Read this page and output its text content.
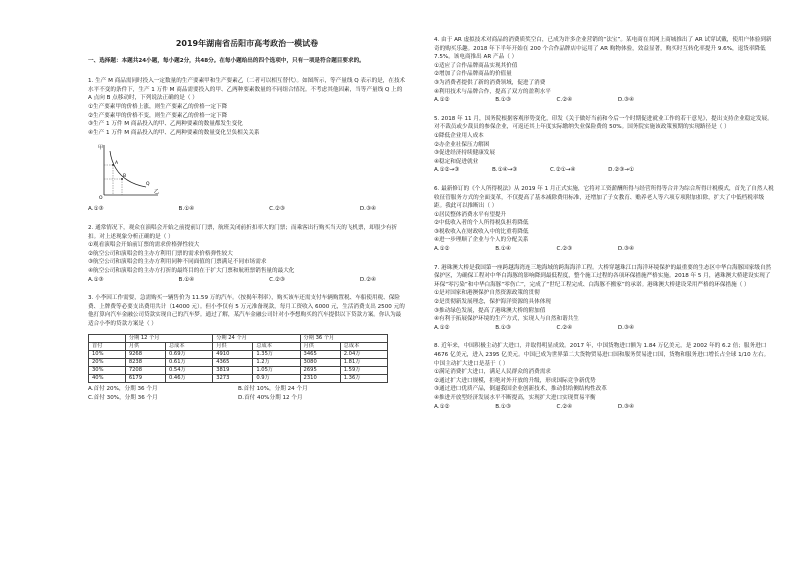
2019年湖南省岳阳市高考政治一模试卷
一、选择题：本题共24小题，每小题2分，共48分。在每小题给出的四个选项中，只有一项是符合题目要求的。
1. 生产 M 商品需同时投入一定数量的生产要素甲和生产要素乙（二者可以相互替代）。如图所示，等产量线 Q 表示的是，在技术水平不变的条件下，生产 1 万件 M 商品需要投入的甲、乙两种要素数量的不同组合情况。不考虑其他因素，当等产量线 Q 上的 A 点向 B 点移动时，下列说法正确的是（ ）
①生产要素甲的价格上涨，则生产要素乙的价格一定下降
②生产要素甲的价格不变，则生产要素乙的价格一定下降
③生产 1 万件 M 商品投入的甲、乙两种要素的数量都发生变化
④生产 1 万件 M 商品投入的甲、乙两种要素的数量变化呈负相关关系
甲
乙
A
B
Q
O
A.①③	B.①④	C.②③	D.③④
2. 通常情况下，观众在演唱会开始之前提前订门票，航班关闭前折扣率大的门票；而乘客出行购买当天的飞机票，却很少有折扣。对上述现象分析正确的是（ ）
①观看演唱会开始前订票的需求价格弹性较大
②航空公司和演唱会的主办方利用门票的需求价格弹性较大
③航空公司和演唱会的主办方利用同种不同面值的门票满足不同市场需求
④航空公司和演唱会的主办方打折的最终目的在于扩大门票和航班票销售量的最大化
A.①③	B.①④	C.②③	D.②④
3. 小李因工作需要，急需购买一辆售价为 11.59 万的汽车。（按揭年利率），购买该车还需支付车辆购置税、车船使用税、保险费、上牌费等必要支出费用共计（14000 元）。但小李仅有 5 万元准备现款，每月工资收入 6000 元，生活消费支出 2500 元的他打算向汽车金融公司贷款实现自己的汽车梦。通过了解，某汽车金融公司针对小李想购买的汽车提供以下贷款方案。你认为最适合小李的贷款方案是（ ）
	分期 12 个月		分期 24 个月		分期 36 个月	
首付	月供	总成本	月供	总成本	月供	总成本
10%	9268	0.69万	4910	1.35万	3465	2.04万
20%	8238	0.61万	4365	1.2万	3080	1.81万
30%	7208	0.54万	3819	1.05万	2695	1.59万
40%	6179	0.46万	3273	0.9万	2310	1.36万
A.首付 20%，分期 36 个月	B.首付 10%，分期 24 个月
C.首付 30%，分期 36 个月	D.首付 40%分期 12 个月
4. 由于 AR 虚拟技术对商品的消费质奖空白，已成为许多企业营销的“法宝”。某电商在其网上商城推出了 AR 试穿试戴，使用户体验到新奇的购买乐趣。2018 年下半年开始在 200 个合作品牌店中运用了 AR 购物体验，效益显著，购买时互转化率提升 9.6%，退货率降低 7.5%。该电商推出 AR 产品（ ）
①适应了合作品牌商品实现其价值
②增加了合作品牌商品的价值量
③为消费者提供了新的消费领域，促进了消费
④利用技术与品牌合作，提高了双方的盈利水平
A.①②	B.①③	C.②④	D.③④
5. 2018 年 11 月，国务院根据客观形势变化，印发《关于做好当前和今后一个时期促进就业工作的若干意见》，提出支持企业稳定发展。对不裁员或少裁员的参保企业，可返还其上年度实际缴纳失业保险费的 50%。国务院实施该政策预期的实现路径是（ ）
①降低企业用人成本
②办企业社保压力解困
③促进经济持续健康发展
④稳定和促进就业
A.①②→③	B.①④→③	C.②①→④	D.②③→①
6. 最新修订的《个人所得税法》从 2019 年 1 月正式实施，它将对工资薪酬所得与经营所得等合并为综合所得计税模式，首先了自然人税收征管服务方式的全面变革，不仅提高了基本减除费用标准，还增加了子女教育、赡养老人等六项专项附加扣除，扩大了中低档税率级距。我此可以推断出（ ）
①居民整体消费水平有望提升
②中低收入者的个人所得税负担将降低
③税收收入在财政收入中的比重将降低
④进一步理顺了企业与个人的分配关系
A.①②	B.①④	C.②③	D.③④
7. 港珠澳大桥是我国第一座跨越海湾连三地海域的跨海海洋工程。大桥穿越珠江口海洋环境保护的最重要的生态区中华白海豚国家级自然保护区，为确保工程对中华白海豚的影响降到最低程度，整个施工过程的各项环保措施严格实施。2018 年 5 月，港珠澳大桥建设实现了环保“零污染”和中华白海豚“零伤亡”，完成了“世纪工程完成、白海豚不搬家”的承诺。港珠澳大桥建设采用严格的环保措施（ ）
①是对国家和港澳保护自然资源政策的贯彻
②是贯彻新发展理念，保护海洋资源的具体体现
③推动绿色发展，提高了港珠澳大桥的附加值
④有利于拓展保护环境的生产方式，实现人与自然和谐共生
A.①②	B.①③	C.②④	D.③④
8. 近年来，中国积极主动扩大进口，并取得明显成效。2017 年，中国货物进口额为 1.84 万亿美元，是 2002 年的 6.2 倍；服务进口 4676 亿美元，进入 2395 亿美元。中国已成为世界第二大货物贸易进口国和服务贸易进口国，货物和服务进口增长占全球 1/10 左右。中国主动扩大进口是基于（ ）
①满足消费扩大进口，满足人民群众的消费需求
②通过扩大进口规模，拒绝对外开放的升级，形成国际竞争新优势
③通过进口优质产品，倒逼我国企业创新技术，推动供给侧结构性改革
④推进开放型经济发展水平不断提高，实现扩大进口实现贸易平衡
A.①②	B.①③	C.②④	D.③④
